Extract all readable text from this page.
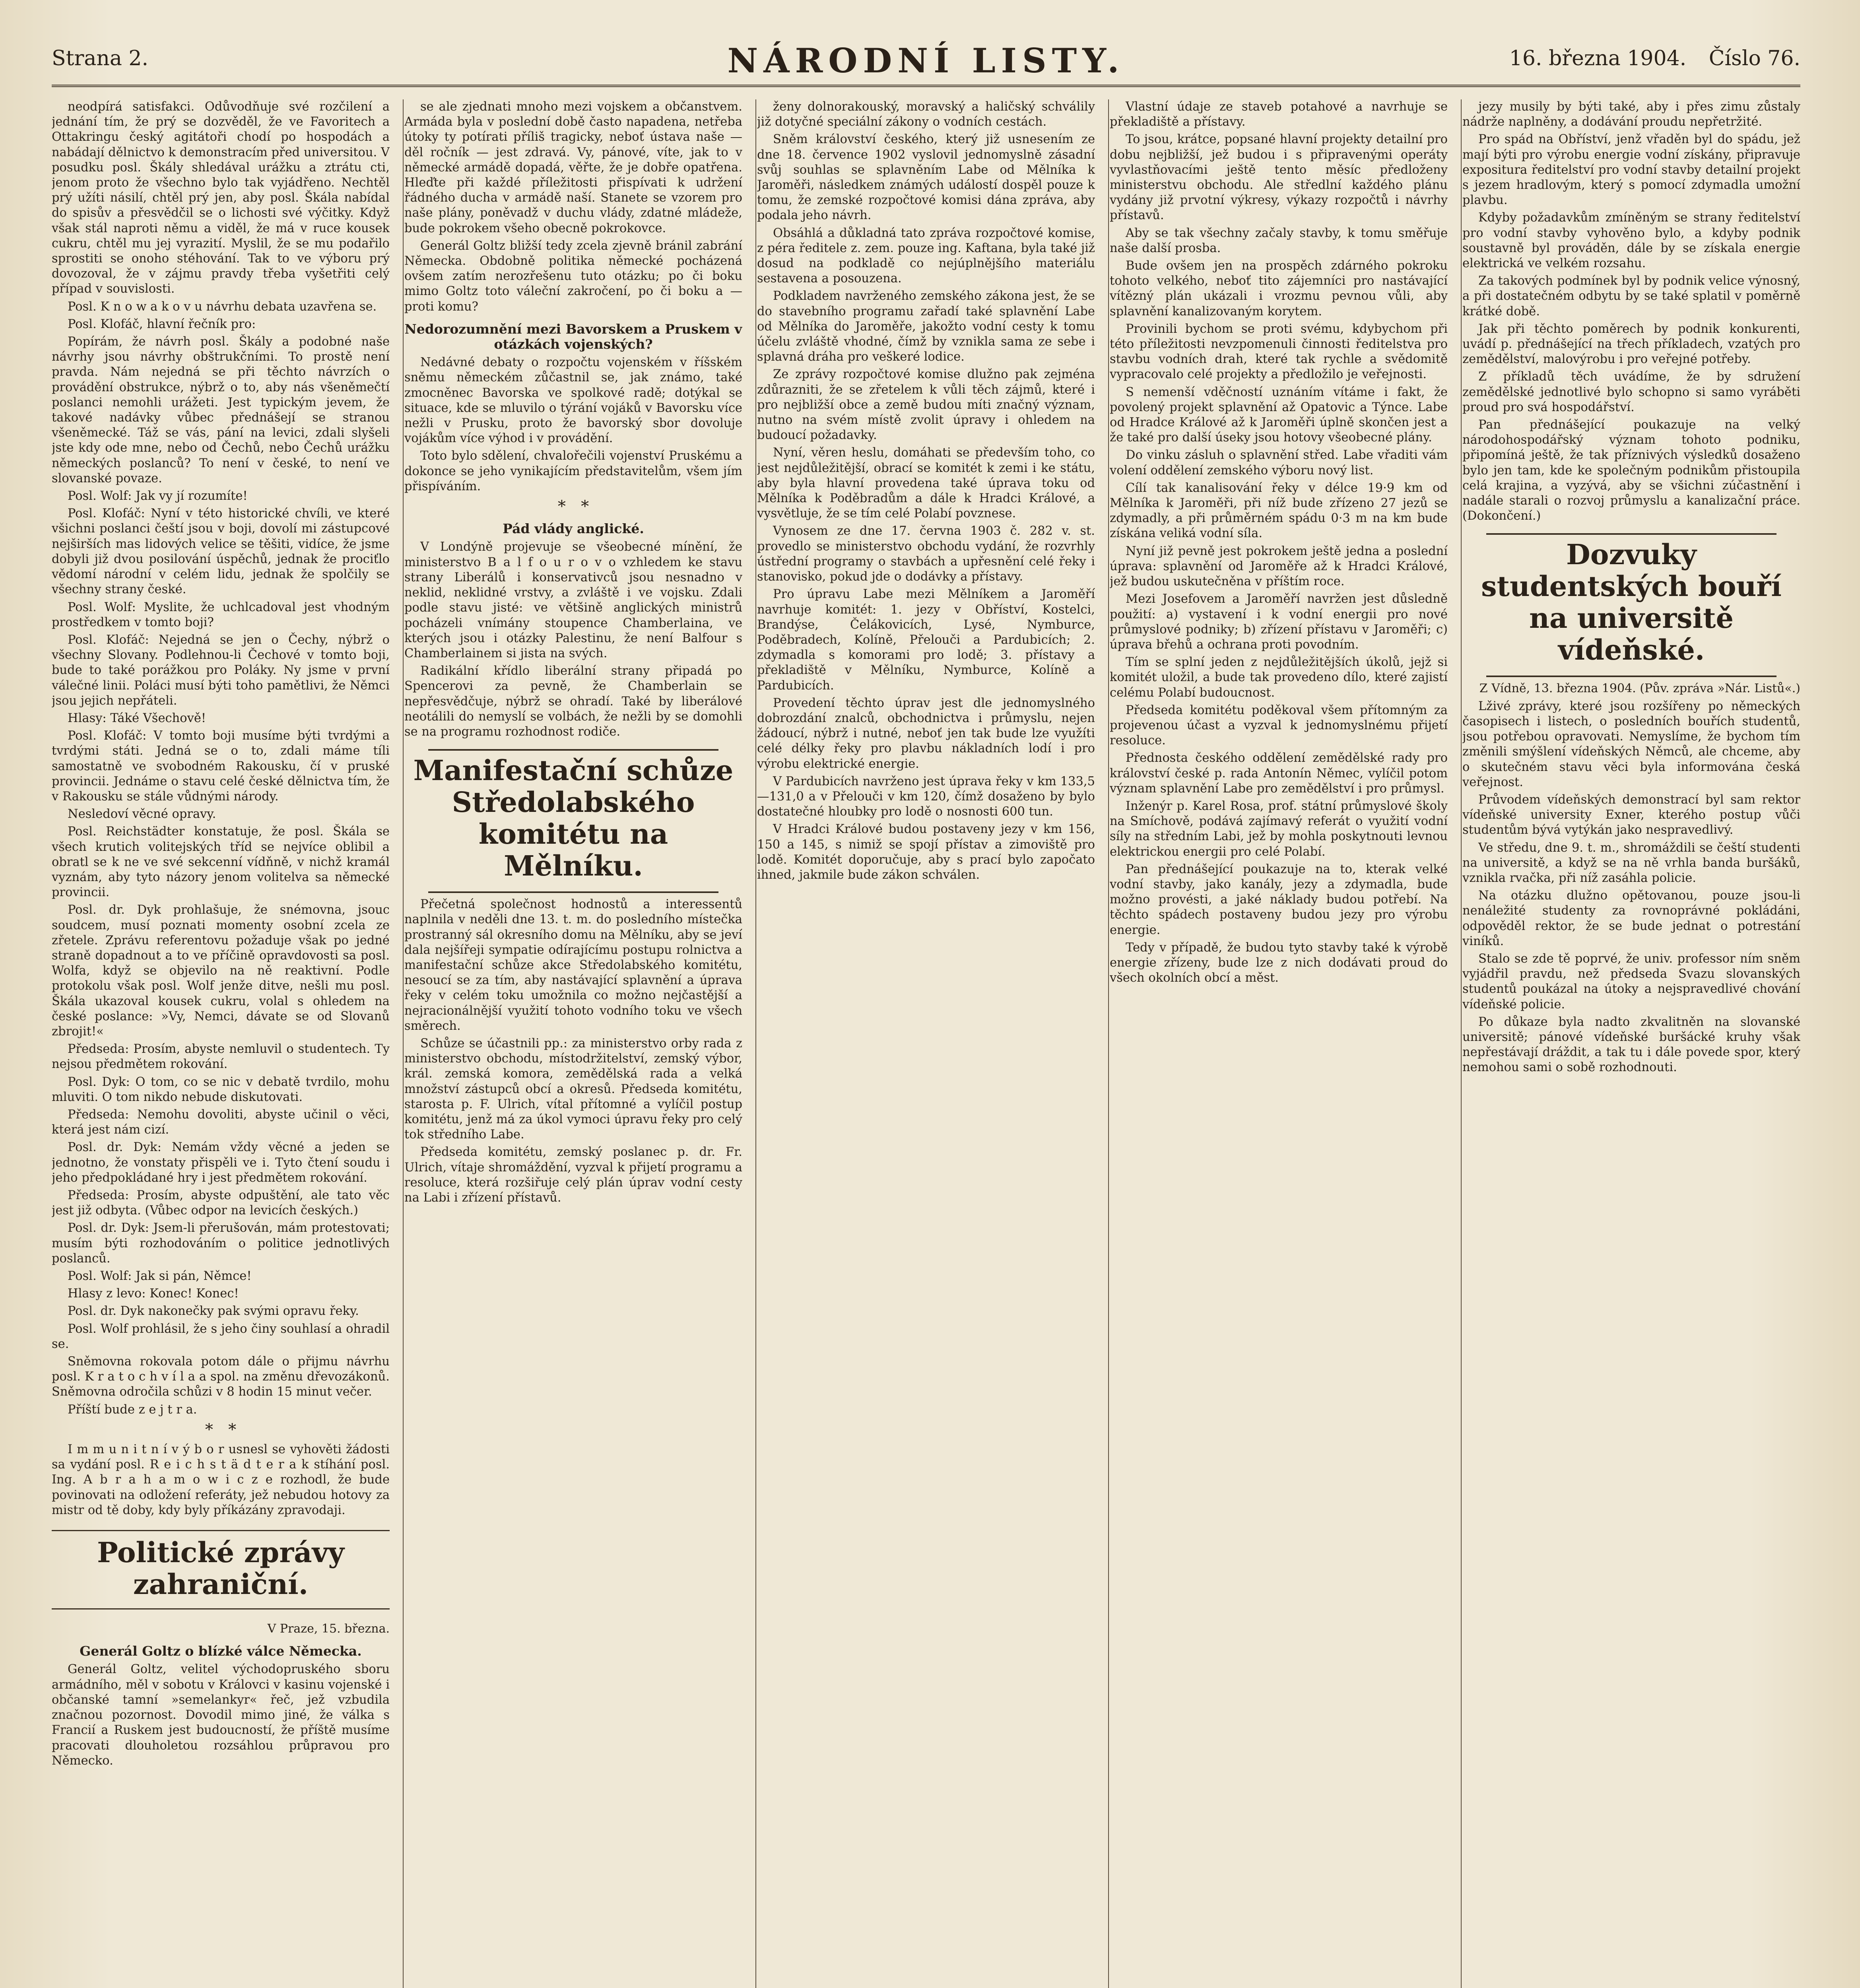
Strana 2.	NÁRODNÍ LISTY.	16. března 1904. Číslo 76.

neodpírá satisfakci. Odůvodňuje své rozčilení a jednání tím, že prý se dozvěděl, že ve Favoritech a Ottakringu český agitátoři chodí po hospodách a nabádají dělnictvo k demonstracím před universitou. V posudku posl. Škály shledával urážku a ztrátu cti, jenom proto že všechno bylo tak vyjádřeno. Nechtěl prý užíti násilí, chtěl prý jen, aby posl. Škála nabídal do spisův a přesvědčil se o lichosti své výčitky. Když však stál naproti němu a viděl, že má v ruce kousek cukru, chtěl mu jej vyrazití. Myslil, že se mu podařilo sprostiti se onoho stéhování. Tak to ve výboru prý dovozoval, že v zájmu pravdy třeba vyšetřiti celý případ v souvislosti.

Posl. K n o w a k o v u návrhu debata uzavřena se.

Posl. Klofáč, hlavní řečník pro:

Popírám, že návrh posl. Škály a podobné naše návrhy jsou návrhy obštrukčními. To prostě není pravda. Nám nejedná se při těchto návrzích o provádění obstrukce, nýbrž o to, aby nás všeněmečtí poslanci nemohli urážeti. Jest typickým jevem, že takové nadávky vůbec přednášejí se stranou všeněmecké. Táž se vás, pání na levici, zdali slyšeli jste kdy ode mne, nebo od Čechů, nebo Čechů urážku německých poslanců? To není v české, to není ve slovanské povaze.

Posl. Wolf: Jak vy jí rozumíte!

Posl. Klofáč: Nyní v této historické chvíli, ve které všichni poslanci čeští jsou v boji, dovolí mi zástupcové nejširších mas lidových velice se těšiti, vidíce, že jsme dobyli již dvou posilování úspěchů, jednak že prociťlo vědomí národní v celém lidu, jednak že spolčily se všechny strany české.

Posl. Wolf: Myslite, že uchlcadoval jest vhodným prostředkem v tomto boji?

Posl. Klofáč: Nejedná se jen o Čechy, nýbrž o všechny Slovany. Podlehnou-li Čechové v tomto boji, bude to také porážkou pro Poláky. Ny jsme v první válečné linii. Poláci musí býti toho pamětlivi, že Němci jsou jejich nepřáteli.

Hlasy: Táké Všechově!

Posl. Klofáč: V tomto boji musíme býti tvrdými a tvrdými státi. Jedná se o to, zdali máme tíli samostatně ve svobodném Rakousku, čí v pruské provincii. Jednáme o stavu celé české dělnictva tím, že v Rakousku se stále vůdnými národy.

Nesledoví věcné opravy.

Posl. Reichstädter konstatuje, že posl. Škála se všech krutich volitejských tříd se nejvíce oblibil a obratl se k ne ve své sekcenní vídňně, v nichž kramál vyznám, aby tyto názory jenom volitelva sa německé provincii.

Posl. dr. Dyk prohlašuje, že snémovna, jsouc soudcem, musí poznati momenty osobní zcela ze zřetele. Zprávu referentovu požaduje však po jedné straně dopadnout a to ve příčině opravdovosti sa posl. Wolfa, když se objevilo na ně reaktivní. Podle protokolu však posl. Wolf jenže ditve, nešli mu posl. Škála ukazoval kousek cukru, volal s ohledem na české poslance: »Vy, Nemci, dávate se od Slovanů zbrojit!«

Předseda: Prosím, abyste nemluvil o studentech. Ty nejsou předmětem rokování.

Posl. Dyk: O tom, co se nic v debatě tvrdilo, mohu mluviti. O tom nikdo nebude diskutovati.

Předseda: Nemohu dovoliti, abyste učinil o věci, která jest nám cizí.

Posl. dr. Dyk: Nemám vždy věcné a jeden se jednotno, že vonstaty přispěli ve i. Tyto čtení soudu i jeho předpokládané hry i jest předmětem rokování.

Předseda: Prosím, abyste odpuštění, ale tato věc jest již odbyta. (Vůbec odpor na levicích českých.)

Posl. dr. Dyk: Jsem-li přerušován, mám protestovati; musím býti rozhodováním o politice jednotlivých poslanců.

Posl. Wolf: Jak si pán, Němce!

Hlasy z levo: Konec! Konec!

Posl. dr. Dyk nakonečky pak svými opravu řeky.

Posl. Wolf prohlásil, že s jeho činy souhlasí a ohradil se.

Sněmovna rokovala potom dále o přijmu návrhu posl. K r a t o c h v í l a a spol. na změnu dřevozákonů. Sněmovna odročila schůzi v 8 hodin 15 minut večer.

Příští bude z e j t r a.

*   *

I m m u n i t n í v ý b o r usnesl se vyhověti žádosti sa vydání posl. R e i c h s t ä d t e r a k stíhání posl. Ing. A b r a h a m o w i c z e rozhodl, že bude povinovati na odložení referáty, jež nebudou hotovy za mistr od tě doby, kdy byly příkázány zpravodaji.

Politické zprávy zahraniční.

V Praze, 15. března.

Generál Goltz o blízké válce Německa.

Generál Goltz, velitel východopruského sboru armádního, měl v sobotu v Královci v kasinu vojenské i občanské tamní »semelankyr« řeč, jež vzbudila značnou pozornost. Dovodil mimo jiné, že válka s Francií a Ruskem jest budoucností, že příště musíme pracovati dlouholetou rozsáhlou průpravou pro Německo.

se ale zjednati mnoho mezi vojskem a občanstvem. Armáda byla v poslední době často napadena, netřeba útoky ty potírati příliš tragicky, neboť ústava naše — děl ročník — jest zdravá. Vy, pánové, víte, jak to v německé armádě dopadá, věřte, že je dobře opatřena. Hleďte při každé příležitosti přispívati k udržení řádného ducha v armádě naší. Stanete se vzorem pro naše plány, poněvadž v duchu vlády, zdatné mládeže, bude pokrokem všeho obecně pokrokovce.

Generál Goltz bližší tedy zcela zjevně bránil zabrání Německa. Obdobně politika německé pocházená ovšem zatím nerozřešenu tuto otázku; po či boku mimo Goltz toto váleční zakročení, po či boku a — proti komu?

Nedorozumnění mezi Bavorskem a Pruskem v otázkách vojenských?

Nedávné debaty o rozpočtu vojenském v říšském sněmu německém zůčastnil se, jak známo, také zmocněnec Bavorska ve spolkové radě; dotýkal se situace, kde se mluvilo o týrání vojáků v Bavorsku více nežli v Prusku, proto že bavorský sbor dovoluje vojákům více výhod i v provádění.

Toto bylo sdělení, chvalořečili vojenství Pruskému a dokonce se jeho vynikajícím představitelům, všem jím přispíváním.

*   *

Pád vlády anglické.

V Londýně projevuje se všeobecné mínění, že ministerstvo B a l f o u r o v o vzhledem ke stavu strany Liberálů i konservativců jsou nesnadno v neklid, neklidné vrstvy, a zvláště i ve vojsku. Zdali podle stavu jisté: ve většině anglických ministrů pocházeli vnímány stoupence Chamberlaina, ve kterých jsou i otázky Palestinu, že není Balfour s Chamberlainem si jista na svých.

Radikální křídlo liberální strany připadá po Spencerovi za pevně, že Chamberlain se nepřesvědčuje, nýbrž se ohradí. Také by liberálové neotálili do nemyslí se volbách, že nežli by se domohli se na programu rozhodnost rodiče.

Manifestační schůze Středolabského komitétu na Mělníku.

Přečetná společnost hodnostů a interessentů naplnila v neděli dne 13. t. m. do posledního místečka prostranný sál okresního domu na Mělníku, aby se jeví dala nejšířeji sympatie odírajícímu postupu rolnictva a manifestační schůze akce Středolabského komitétu, nesoucí se za tím, aby nastávající splavnění a úprava řeky v celém toku umožnila co možno nejčastější a nejracionálnější využití tohoto vodního toku ve všech směrech.

Schůze se účastnili pp.: za ministerstvo orby rada z ministerstvo obchodu, místodržitelství, zemský výbor, král. zemská komora, zemědělská rada a velká množství zástupců obcí a okresů. Předseda komitétu, starosta p. F. Ulrich, vítal přítomné a vylíčil postup komitétu, jenž má za úkol vymoci úpravu řeky pro celý tok středního Labe.

Předseda komitétu, zemský poslanec p. dr. Fr. Ulrich, vítaje shromáždění, vyzval k přijetí programu a resoluce, která rozšiřuje celý plán úprav vodní cesty na Labi i zřízení přístavů.

ženy dolnorakouský, moravský a haličský schválily již dotyčné speciální zákony o vodních cestách.

Sněm království českého, který již usnesením ze dne 18. července 1902 vyslovil jednomyslně zásadní svůj souhlas se splavněním Labe od Mělníka k Jaroměři, následkem známých událostí dospěl pouze k tomu, že zemské rozpočtové komisi dána zpráva, aby podala jeho návrh.

Obsáhlá a důkladná tato zpráva rozpočtové komise, z péra ředitele z. zem. pouze ing. Kaftana, byla také již dosud na podkladě co nejúplnějšího materiálu sestavena a posouzena.

Podkladem navrženého zemského zákona jest, že se do stavebního programu zařadí také splavnění Labe od Mělníka do Jaroměře, jakožto vodní cesty k tomu účelu zvláště vhodné, čímž by vznikla sama ze sebe i splavná dráha pro veškeré lodice.

Ze zprávy rozpočtové komise dlužno pak zejména zdůrazniti, že se zřetelem k vůli těch zájmů, které i pro nejbližší obce a země budou míti značný význam, nutno na svém místě zvolit úpravy i ohledem na budoucí požadavky.

Nyní, věren heslu, domáhati se především toho, co jest nejdůležitější, obrací se komitét k zemi i ke státu, aby byla hlavní provedena také úprava toku od Mělníka k Poděbradům a dále k Hradci Králové, a vysvětluje, že se tím celé Polabí povznese.

Vynosem ze dne 17. června 1903 č. 282 v. st. provedlo se ministerstvo obchodu vydání, že rozvrhly ústřední programy o stavbách a upřesnění celé řeky i stanovisko, pokud jde o dodávky a přístavy.

Pro úpravu Labe mezi Mělníkem a Jaroměří navrhuje komitét: 1. jezy v Obříství, Kostelci, Brandýse, Čelákovicích, Lysé, Nymburce, Poděbradech, Kolíně, Přelouči a Pardubicích; 2. zdymadla s komorami pro lodě; 3. přístavy a překladiště v Mělníku, Nymburce, Kolíně a Pardubicích.

Provedení těchto úprav jest dle jednomyslného dobrozdání znalců, obchodnictva i průmyslu, nejen žádoucí, nýbrž i nutné, neboť jen tak bude lze využíti celé délky řeky pro plavbu nákladních lodí i pro výrobu elektrické energie.

V Pardubicích navrženo jest úprava řeky v km 133,5—131,0 a v Přelouči v km 120, čímž dosaženo by bylo dostatečné hloubky pro lodě o nosnosti 600 tun.

V Hradci Králové budou postaveny jezy v km 156, 150 a 145, s nimiž se spojí přístav a zimoviště pro lodě. Komitét doporučuje, aby s prací bylo započato ihned, jakmile bude zákon schválen.

Vlastní údaje ze staveb potahové a navrhuje se překladiště a přístavy.

To jsou, krátce, popsané hlavní projekty detailní pro dobu nejbližší, jež budou i s připravenými operáty vyvlastňovacími ještě tento měsíc předloženy ministerstvu obchodu. Ale středlní každého plánu vydány již prvotní výkresy, výkazy rozpočtů i návrhy přístavů.

Aby se tak všechny začaly stavby, k tomu směřuje naše další prosba.

Bude ovšem jen na prospěch zdárného pokroku tohoto velkého, neboť tito zájemníci pro nastávající vítězný plán ukázali i vrozmu pevnou vůli, aby splavnění kanalizovaným korytem.

Provinili bychom se proti svému, kdybychom při této příležitosti nevzpomenuli činnosti ředitelstva pro stavbu vodních drah, které tak rychle a svědomitě vypracovalo celé projekty a předložilo je veřejnosti.

S nemenší vděčností uznáním vítáme i fakt, že povolený projekt splavnění až Opatovic a Týnce. Labe od Hradce Králové až k Jaroměři úplně skončen jest a že také pro další úseky jsou hotovy všeobecné plány.

Do vinku zásluh o splavnění střed. Labe vřaditi vám volení oddělení zemského výboru nový list.

Cílí tak kanalisování řeky v délce 19·9 km od Mělníka k Jaroměři, při níž bude zřízeno 27 jezů se zdymadly, a při průměrném spádu 0·3 m na km bude získána veliká vodní síla.

Nyní již pevně jest pokrokem ještě jedna a poslední úprava: splavnění od Jaroměře až k Hradci Králové, jež budou uskutečněna v příštím roce.

Mezi Josefovem a Jaroměří navržen jest důsledně použití: a) vystavení i k vodní energii pro nové průmyslové podniky; b) zřízení přístavu v Jaroměři; c) úprava břehů a ochrana proti povodním.

Tím se splní jeden z nejdůležitějších úkolů, jejž si komitét uložil, a bude tak provedeno dílo, které zajistí celému Polabí budoucnost.

Předseda komitétu poděkoval všem přítomným za projevenou účast a vyzval k jednomyslnému přijetí resoluce.

Přednosta českého oddělení zemědělské rady pro království české p. rada Antonín Němec, vylíčil potom význam splavnění Labe pro zemědělství i pro průmysl.

Inženýr p. Karel Rosa, prof. státní průmyslové školy na Smíchově, podává zajímavý referát o využití vodní síly na středním Labi, jež by mohla poskytnouti levnou elektrickou energii pro celé Polabí.

Pan přednášející poukazuje na to, kterak velké vodní stavby, jako kanály, jezy a zdymadla, bude možno provésti, a jaké náklady budou potřebí. Na těchto spádech postaveny budou jezy pro výrobu energie.

Tedy v případě, že budou tyto stavby také k výrobě energie zřízeny, bude lze z nich dodávati proud do všech okolních obcí a měst.

jezy musily by býti také, aby i přes zimu zůstaly nádrže naplněny, a dodávání proudu nepřetržité.

Pro spád na Obříství, jenž vřaděn byl do spádu, jež mají býti pro výrobu energie vodní získány, připravuje expositura ředitelství pro vodní stavby detailní projekt s jezem hradlovým, který s pomocí zdymadla umožní plavbu.

Kdyby požadavkům zmíněným se strany ředitelství pro vodní stavby vyhověno bylo, a kdyby podnik soustavně byl prováděn, dále by se získala energie elektrická ve velkém rozsahu.

Za takových podmínek byl by podnik velice výnosný, a při dostatečném odbytu by se také splatil v poměrně krátké době.

Jak při těchto poměrech by podnik konkurenti, uvádí p. přednášející na třech příkladech, vzatých pro zemědělství, malovýrobu i pro veřejné potřeby.

Z příkladů těch uvádíme, že by sdružení zemědělské jednotlivé bylo schopno si samo vyráběti proud pro svá hospodářství.

Pan přednášející poukazuje na velký národohospodářský význam tohoto podniku, připomíná ještě, že tak příznivých výsledků dosaženo bylo jen tam, kde ke společným podnikům přistoupila celá krajina, a vyzývá, aby se všichni zúčastnění i nadále starali o rozvoj průmyslu a kanalizační práce. (Dokončení.)

Dozvuky studentských bouří na universitě vídeňské.

Z Vídně, 13. března 1904. (Pův. zpráva »Nár. Listů«.)

Lživé zprávy, které jsou rozšířeny po německých časopisech i listech, o posledních bouřích studentů, jsou potřebou opravovati. Nemyslíme, že bychom tím změnili smýšlení vídeňských Němců, ale chceme, aby o skutečném stavu věci byla informována česká veřejnost.

Průvodem vídeňských demonstrací byl sam rektor vídeňské university Exner, kterého postup vůči studentům bývá vytýkán jako nespravedlivý.

Ve středu, dne 9. t. m., shromáždili se čeští studenti na universitě, a když se na ně vrhla banda buršáků, vznikla rvačka, při níž zasáhla policie.

Na otázku dlužno opětovanou, pouze jsou-li nenáležité studenty za rovnoprávné pokládáni, odpověděl rektor, že se bude jednat o potrestání viníků.

Stalo se zde tě poprvé, že univ. professor ním sněm vyjádřil pravdu, než předseda Svazu slovanských studentů poukázal na útoky a nejspravedlivé chování vídeňské policie.

Po důkaze byla nadto zkvalitněn na slovanské universitě; pánové vídeňské buršácké kruhy však nepřestávají dráždit, a tak tu i dále povede spor, který nemohou sami o sobě rozhodnouti.
